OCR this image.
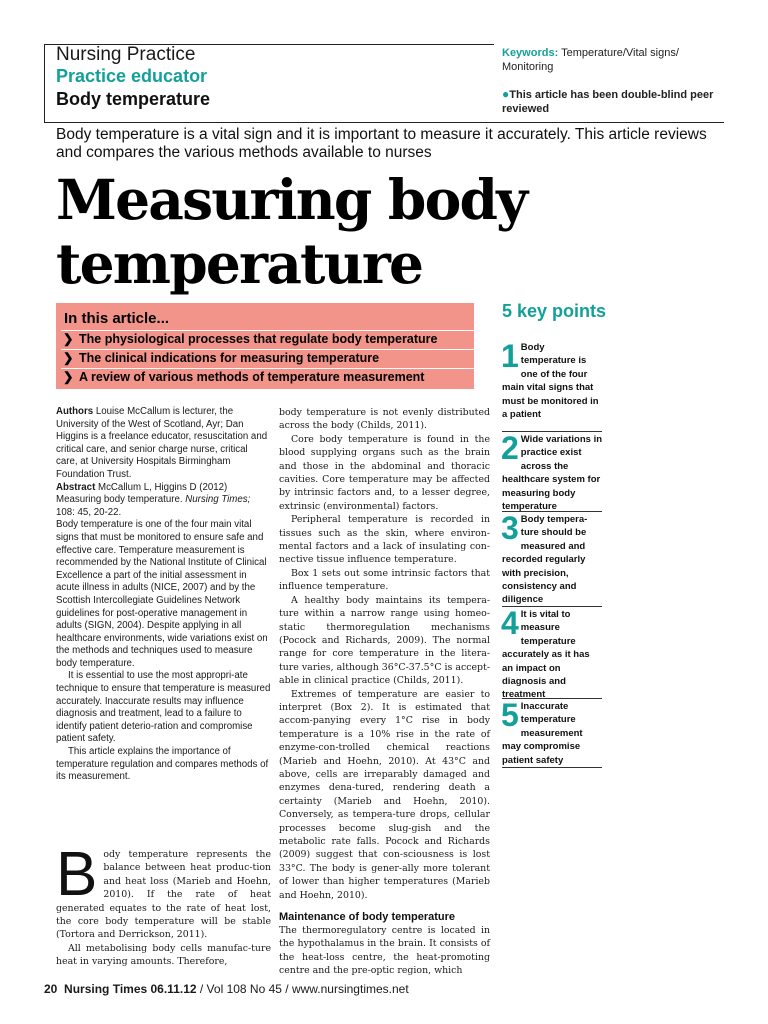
Nursing Practice
Practice educator
Body temperature
Keywords: Temperature/Vital signs/ Monitoring
●This article has been double-blind peer reviewed
Body temperature is a vital sign and it is important to measure it accurately. This article reviews and compares the various methods available to nurses
Measuring body temperature
In this article...
❯ The physiological processes that regulate body temperature
❯ The clinical indications for measuring temperature
❯ A review of various methods of temperature measurement
5 key points
1 Body temperature is one of the four main vital signs that must be monitored in a patient
2 Wide variations in practice exist across the healthcare system for measuring body temperature
3 Body tempera-ture should be measured and recorded regularly with precision, consistency and diligence
4 It is vital to measure temperature accurately as it has an impact on diagnosis and treatment
5 Inaccurate temperature measurement may compromise patient safety

Authors Louise McCallum is lecturer, the University of the West of Scotland, Ayr; Dan Higgins is a freelance educator, resuscitation and critical care, and senior charge nurse, critical care, at University Hospitals Birmingham Foundation Trust.

Abstract McCallum L, Higgins D (2012) Measuring body temperature. Nursing Times; 108: 45, 20-22.

Body temperature is one of the four main vital signs that must be monitored to ensure safe and effective care. Temperature measurement is recommended by the National Institute of Clinical Excellence a part of the initial assessment in acute illness in adults (NICE, 2007) and by the Scottish Intercollegiate Guidelines Network guidelines for post-operative management in adults (SIGN, 2004). Despite applying in all healthcare environments, wide variations exist on the methods and techniques used to measure body temperature.

It is essential to use the most appropri-ate technique to ensure that temperature is measured accurately. Inaccurate results may influence diagnosis and treatment, lead to a failure to identify patient deterio-ration and compromise patient safety.

This article explains the importance of temperature regulation and compares methods of its measurement.

Body temperature represents the balance between heat produc-tion and heat loss (Marieb and Hoehn, 2010). If the rate of heat generated equates to the rate of heat lost, the core body temperature will be stable (Tortora and Derrickson, 2011).

All metabolising body cells manufac-ture heat in varying amounts. Therefore,

body temperature is not evenly distributed across the body (Childs, 2011).

Core body temperature is found in the blood supplying organs such as the brain and those in the abdominal and thoracic cavities. Core temperature may be affected by intrinsic factors and, to a lesser degree, extrinsic (environmental) factors.

Peripheral temperature is recorded in tissues such as the skin, where environ-mental factors and a lack of insulating con-nective tissue influence temperature.

Box 1 sets out some intrinsic factors that influence temperature.

A healthy body maintains its tempera-ture within a narrow range using homeo-static thermoregulation mechanisms (Pocock and Richards, 2009). The normal range for core temperature in the litera-ture varies, although 36°C-37.5°C is accept-able in clinical practice (Childs, 2011).

Extremes of temperature are easier to interpret (Box 2). It is estimated that accom-panying every 1°C rise in body temperature is a 10% rise in the rate of enzyme-con-trolled chemical reactions (Marieb and Hoehn, 2010). At 43°C and above, cells are irreparably damaged and enzymes dena-tured, rendering death a certainty (Marieb and Hoehn, 2010). Conversely, as tempera-ture drops, cellular processes become slug-gish and the metabolic rate falls. Pocock and Richards (2009) suggest that con-sciousness is lost 33°C. The body is gener-ally more tolerant of lower than higher temperatures (Marieb and Hoehn, 2010).

Maintenance of body temperature

The thermoregulatory centre is located in the hypothalamus in the brain. It consists of the heat-loss centre, the heat-promoting centre and the pre-optic region, which

20 Nursing Times 06.11.12 / Vol 108 No 45 / www.nursingtimes.net
